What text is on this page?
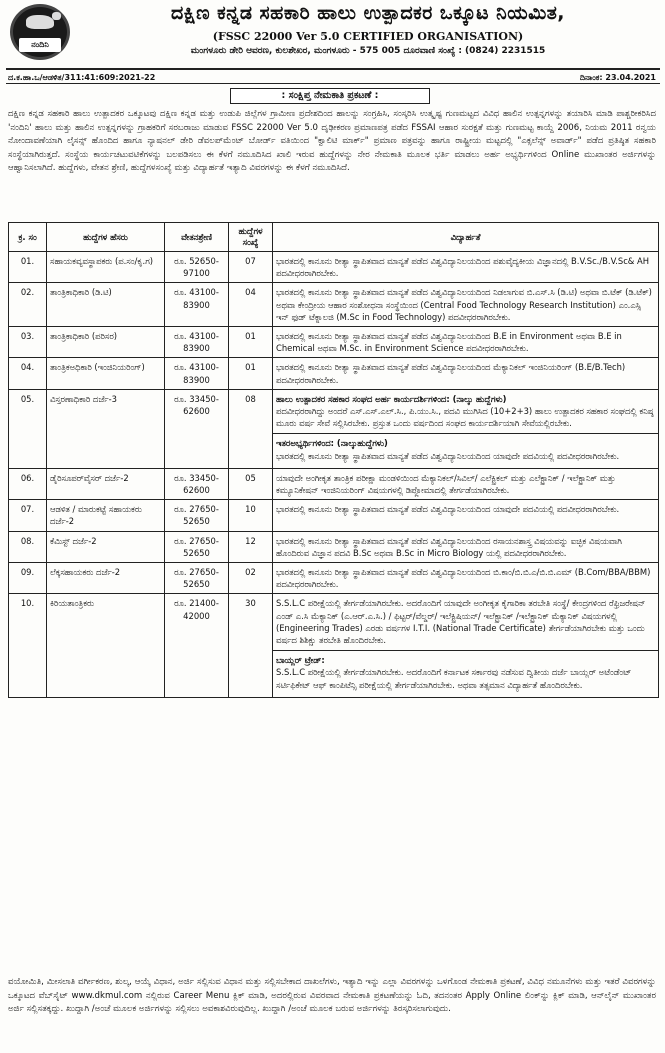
ನಂದಿನಿ
ದಕ್ಷಿಣ ಕನ್ನಡ ಸಹಕಾರಿ ಹಾಲು ಉತ್ಪಾದಕರ ಒಕ್ಕೂಟ ನಿಯಮಿತ,
(FSSC 22000 Ver 5.0 CERTIFIED ORGANISATION)
ಮಂಗಳೂರು ಡೇರಿ ಆವರಣ, ಕುಲಶೇಖರ, ಮಂಗಳೂರು - 575 005 ದೂರವಾಣಿ ಸಂಖ್ಯೆ : (0824) 2231515
ದ.ಕ.ಹಾ.ಒ/ಆಡಳಿತ/311:41:609:2021-22	ದಿನಾಂಕ: 23.04.2021
: ಸಂಕ್ಷಿಪ್ತ ನೇಮಕಾತಿ ಪ್ರಕಟಣೆ :
ದಕ್ಷಿಣ ಕನ್ನಡ ಸಹಕಾರಿ ಹಾಲು ಉತ್ಪಾದಕರ ಒಕ್ಕೂಟವು ದಕ್ಷಿಣ ಕನ್ನಡ ಮತ್ತು ಉಡುಪಿ ಜಿಲ್ಲೆಗಳ ಗ್ರಾಮೀಣ ಪ್ರದೇಶದಿಂದ ಹಾಲನ್ನು ಸಂಗ್ರಹಿಸಿ, ಸಂಸ್ಕರಿಸಿ ಉತ್ಕೃಷ್ಟ ಗುಣಮಟ್ಟದ ವಿವಿಧ ಹಾಲಿನ ಉತ್ಪನ್ನಗಳನ್ನು ತಯಾರಿಸಿ ಮಾಡಿ ಪಾಶ್ಚರೀಕರಿಸಿದ 'ನಂದಿನಿ' ಹಾಲು ಮತ್ತು ಹಾಲಿನ ಉತ್ಪನ್ನಗಳನ್ನು ಗ್ರಾಹಕರಿಗೆ ಸರಬರಾಜು ಮಾಡುವ FSSC 22000 Ver 5.0 ದೃಢೀಕರಣ ಪ್ರಮಾಣಪತ್ರ ಪಡೆದ FSSAI ಆಹಾರ ಸುರಕ್ಷತೆ ಮತ್ತು ಗುಣಮಟ್ಟ ಕಾಯ್ದೆ 2006, ನಿಯಮ 2011 ರನ್ವಯ ನೋಂದಾವಣೆಯಾಗಿ ಲೈಸನ್ಸ್ ಹೊಂದಿದ ಹಾಗೂ ನ್ಯಾಷನಲ್ ಡೇರಿ ಡೆವಲಪ್‌ಮೆಂಟ್ ಬೋರ್ಡ್ ವತಿಯಿಂದ "ಕ್ವಾಲಿಟಿ ಮಾರ್ಕ್" ಪ್ರಮಾಣ ಪತ್ರವನ್ನು ಹಾಗೂ ರಾಷ್ಟ್ರೀಯ ಮಟ್ಟದಲ್ಲಿ "ಎಕ್ಸಲೆನ್ಸ್ ಅವಾರ್ಡ್" ಪಡೆದ ಪ್ರತಿಷ್ಠಿತ ಸಹಕಾರಿ ಸಂಸ್ಥೆಯಾಗಿರುತ್ತದೆ. ಸಂಸ್ಥೆಯ ಕಾರ್ಯಚಟುವಟಿಕೆಗಳನ್ನು ಬಲಪಡಿಸಲು ಈ ಕೆಳಗೆ ನಮೂದಿಸಿದ ಖಾಲಿ ಇರುವ ಹುದ್ದೆಗಳನ್ನು ನೇರ ನೇಮಕಾತಿ ಮೂಲಕ ಭರ್ತಿ ಮಾಡಲು ಅರ್ಹ ಅಭ್ಯರ್ಥಿಗಳಿಂದ Online ಮುಖಾಂತರ ಅರ್ಜಿಗಳನ್ನು ಆಹ್ವಾನಿಸಲಾಗಿದೆ. ಹುದ್ದೆಗಳು, ವೇತನ ಶ್ರೇಣಿ, ಹುದ್ದೆಗಳಸಂಖ್ಯೆ ಮತ್ತು ವಿದ್ಯಾರ್ಹತೆ ಇತ್ಯಾದಿ ವಿವರಗಳನ್ನು ಈ ಕೆಳಗೆ ನಮೂದಿಸಿದೆ.
ಕ್ರ. ಸಂ	ಹುದ್ದೆಗಳ ಹೆಸರು	ವೇತನಶ್ರೇಣಿ	ಹುದ್ದೆಗಳ ಸಂಖ್ಯೆ	ವಿದ್ಯಾರ್ಹತೆ
01.	ಸಹಾಯಕವ್ಯವಸ್ಥಾಪಕರು (ಪ.ಸಂ/ಕೃ.ಗ)	ರೂ. 52650-97100	07	ಭಾರತದಲ್ಲಿ ಕಾನೂನು ರೀತ್ಯಾ ಸ್ಥಾಪಿತವಾದ ಮಾನ್ಯತೆ ಪಡೆದ ವಿಶ್ವವಿದ್ಯಾನಿಲಯದಿಂದ ಪಶುವೈದ್ಯಕೀಯ ವಿಜ್ಞಾನದಲ್ಲಿ B.V.Sc./B.V.Sc& AH ಪದವೀಧರರಾಗಿರಬೇಕು.
02.	ತಾಂತ್ರಿಕಾಧಿಕಾರಿ (ಡಿ.ಟಿ)	ರೂ. 43100-83900	04	ಭಾರತದಲ್ಲಿ ಕಾನೂನು ರೀತ್ಯಾ ಸ್ಥಾಪಿತವಾದ ಮಾನ್ಯತೆ ಪಡೆದ ವಿಶ್ವವಿದ್ಯಾನಿಲಯದಿಂದ ನಿಡಲಾಗುವ ಬಿ.ಎಸ್.ಸಿ (ಡಿ.ಟಿ) ಅಥವಾ ಬಿ.ಟೆಕ್ (ಡಿ.ಟೆಕ್) ಅಥವಾ ಕೇಂದ್ರೀಯ ಆಹಾರ ಸಂಶೋಧನಾ ಸಂಸ್ಥೆಯಿಂದ (Central Food Technology Research Institution) ಎಂ.ಎಸ್ಸಿ ಇನ್ ಫುಡ್ ಟೆಕ್ನಾಲಜಿ (M.Sc in Food Technology) ಪದವೀಧರರಾಗಿರಬೇಕು.
03.	ತಾಂತ್ರಿಕಾಧಿಕಾರಿ (ಪರಿಸರ)	ರೂ. 43100-83900	01	ಭಾರತದಲ್ಲಿ ಕಾನೂನು ರೀತ್ಯಾ ಸ್ಥಾಪಿತವಾದ ಮಾನ್ಯತೆ ಪಡೆದ ವಿಶ್ವವಿದ್ಯಾನಿಲಯದಿಂದ B.E in Environment ಅಥವಾ B.E in Chemical ಅಥವಾ M.Sc. in Environment Science ಪದವೀಧರರಾಗಿರಬೇಕು.
04.	ತಾಂತ್ರಿಕಅಧಿಕಾರಿ (ಇಂಜಿನಿಯರಿಂಗ್)	ರೂ. 43100-83900	01	ಭಾರತದಲ್ಲಿ ಕಾನೂನು ರೀತ್ಯಾ ಸ್ಥಾಪಿತವಾದ ಮಾನ್ಯತೆ ಪಡೆದ ವಿಶ್ವವಿದ್ಯಾನಿಲಯದಿಂದ ಮೆಕ್ಯಾನಿಕಲ್ ಇಂಜಿನಿಯರಿಂಗ್ (B.E/B.Tech) ಪದವೀಧರರಾಗಿರಬೇಕು.
05.	ವಿಸ್ತರಣಾಧಿಕಾರಿ ದರ್ಜೆ-3	ರೂ. 33450-62600	08	ಹಾಲು ಉತ್ಪಾದಕರ ಸಹಕಾರ ಸಂಘದ ಅರ್ಹ ಕಾರ್ಯದರ್ಶಿಗಳಿಂದ: (ನಾಲ್ಕು ಹುದ್ದೆಗಳು)
ಪದವೀಧರರಾಗಿದ್ದು ಅಂದರೆ ಎಸ್.ಎಸ್.ಎಲ್.ಸಿ., ಪಿ.ಯು.ಸಿ., ಪದವಿ ಮುಗಿಸಿದ (10+2+3) ಹಾಲು ಉತ್ಪಾದಕರ ಸಹಕಾರ ಸಂಘದಲ್ಲಿ ಕನಿಷ್ಠ ಮೂರು ವರ್ಷ ಸೇವೆ ಸಲ್ಲಿಸಿರಬೇಕು. ಪ್ರಸ್ತುತ ಒಂದು ವರ್ಷದಿಂದ ಸಂಘದ ಕಾರ್ಯದರ್ಶಿಯಾಗಿ ಸೇವೆಯಲ್ಲಿರಬೇಕು.
ಇತರಅಭ್ಯರ್ಥಿಗಳಿಂದ: (ನಾಲ್ಕುಹುದ್ದೆಗಳು)
ಭಾರತದಲ್ಲಿ ಕಾನೂನು ರೀತ್ಯಾ ಸ್ಥಾಪಿತವಾದ ಮಾನ್ಯತೆ ಪಡೆದ ವಿಶ್ವವಿದ್ಯಾನಿಲಯದಿಂದ ಯಾವುದೇ ಪದವಿಯಲ್ಲಿ ಪದವೀಧರರಾಗಿರಬೇಕು.

06.	ಡೈರಿಸೂಪರ್‌ವೈಸರ್ ದರ್ಜೆ-2	ರೂ. 33450-62600	05	ಯಾವುದೇ ಅಂಗೀಕೃತ ತಾಂತ್ರಿಕ ಪರೀಕ್ಷಾ ಮಂಡಳಿಯಿಂದ ಮೆಕ್ಯಾನಿಕಲ್/ಸಿವಿಲ್/ ಎಲೆಕ್ಟ್ರಿಕಲ್ ಮತ್ತು ಎಲೆಕ್ಟ್ರಾನಿಕ್ / ಇಲೆಕ್ಟ್ರಾನಿಕ್ ಮತ್ತು ಕಮ್ಯೂನಿಕೇಷನ್ ಇಂಜಿನಿಯರಿಂಗ್ ವಿಷಯಗಳಲ್ಲಿ ಡಿಪ್ಲೋಮಾದಲ್ಲಿ ತೇರ್ಗಡೆಯಾಗಿರಬೇಕು.
07.	ಆಡಳಿತ / ಮಾರುಕಟ್ಟೆ ಸಹಾಯಕರು ದರ್ಜೆ-2	ರೂ. 27650-52650	10	ಭಾರತದಲ್ಲಿ ಕಾನೂನು ರೀತ್ಯಾ ಸ್ಥಾಪಿತವಾದ ಮಾನ್ಯತೆ ಪಡೆದ ವಿಶ್ವವಿದ್ಯಾನಿಲಯದಿಂದ ಯಾವುದೇ ಪದವಿಯಲ್ಲಿ ಪದವೀಧರರಾಗಿರಬೇಕು.
08.	ಕೆಮಿಸ್ಟ್ ದರ್ಜೆ-2	ರೂ. 27650-52650	12	ಭಾರತದಲ್ಲಿ ಕಾನೂನು ರೀತ್ಯಾ ಸ್ಥಾಪಿತವಾದ ಮಾನ್ಯತೆ ಪಡೆದ ವಿಶ್ವವಿದ್ಯಾನಿಲಯದಿಂದ ರಸಾಯನಶಾಸ್ತ್ರ ವಿಷಯವನ್ನು ಐಚ್ಛಿಕ ವಿಷಯವಾಗಿ ಹೊಂದಿರುವ ವಿಜ್ಞಾನ ಪದವಿ B.Sc ಅಥವಾ B.Sc in Micro Biology ಯಲ್ಲಿ ಪದವೀಧರರಾಗಿರಬೇಕು.
09.	ಲೆಕ್ಕಸಹಾಯಕರು ದರ್ಜೆ-2	ರೂ. 27650-52650	02	ಭಾರತದಲ್ಲಿ ಕಾನೂನು ರೀತ್ಯಾ ಸ್ಥಾಪಿತವಾದ ಮಾನ್ಯತೆ ಪಡೆದ ವಿಶ್ವವಿದ್ಯಾನಿಲಯದಿಂದ ಬಿ.ಕಾಂ/ಬಿ.ಬಿ.ಎ/ಬಿ.ಬಿ.ಎಮ್ (B.Com/BBA/BBM) ಪದವೀಧರರಾಗಿರಬೇಕು.
10.	ಕಿರಿಯತಾಂತ್ರಿಕರು	ರೂ. 21400-42000	30	S.S.L.C ಪರೀಕ್ಷೆಯಲ್ಲಿ ತೇರ್ಗಡೆಯಾಗಿರಬೇಕು. ಅದರೊಂದಿಗೆ ಯಾವುದೇ ಅಂಗೀಕೃತ ಕೈಗಾರಿಕಾ ತರಬೇತಿ ಸಂಸ್ಥೆ/ ಕೇಂದ್ರಗಳಿಂದ ರೆಫ್ರಿಜರೇಷನ್ ಎಂಡ್ ಎ.ಸಿ ಮೆಕ್ಯಾನಿಕ್ (ಎ.ಆರ್.ಎ.ಸಿ.) / ಫಿಟ್ಟರ್/ವೆಲ್ಡರ್/ ಇಲೆಕ್ಟ್ರಿಷಿಯನ್/ ಇಲೆಕ್ಟ್ರಾನಿಕ್ /ಇಲೆಕ್ಟ್ರಾನಿಕ್ ಮೆಕ್ಯಾನಿಕ್ ವಿಷಯಗಳಲ್ಲಿ (Engineering Trades) ಎರಡು ವರ್ಷಗಳ I.T.I. (National Trade Certificate) ತೇರ್ಗಡೆಯಾಗಿರಬೇಕು ಮತ್ತು ಒಂದು ವರ್ಷದ ಶಿಶಿಕ್ಷು ತರಬೇತಿ ಹೊಂದಿರಬೇಕು.
ಬಾಯ್ಲರ್ ಟ್ರೇಡ್:
S.S.L.C ಪರೀಕ್ಷೆಯಲ್ಲಿ ತೇರ್ಗಡೆಯಾಗಿರಬೇಕು. ಅದರೊಂದಿಗೆ ಕರ್ನಾಟಕ ಸರ್ಕಾರವು ನಡೆಸುವ ದ್ವಿತೀಯ ದರ್ಜೆ ಬಾಯ್ಲರ್ ಅಟೆಂಡೆಂಟ್ ಸರ್ಟಿಫಿಕೇಟ್ ಆಫ್ ಕಾಂಪಿಟೆನ್ಸಿ ಪರೀಕ್ಷೆಯಲ್ಲಿ ತೇರ್ಗಡೆಯಾಗಿರಬೇಕು. ಅಥವಾ ತತ್ಸಮಾನ ವಿದ್ಯಾರ್ಹತೆ ಹೊಂದಿರಬೇಕು.
ವಯೋಮಿತಿ, ಮೀಸಲಾತಿ ವರ್ಗೀಕರಣ, ಶುಲ್ಕ, ಆಯ್ಕೆ ವಿಧಾನ, ಅರ್ಜಿ ಸಲ್ಲಿಸುವ ವಿಧಾನ ಮತ್ತು ಸಲ್ಲಿಸಬೇಕಾದ ದಾಖಲೆಗಳು, ಇತ್ಯಾದಿ ಇನ್ನು ಎಲ್ಲಾ ವಿವರಗಳನ್ನು ಒಳಗೊಂಡ ನೇಮಕಾತಿ ಪ್ರಕಟಣೆ, ವಿವಿಧ ನಮೂನೆಗಳು ಮತ್ತು ಇತರೆ ವಿವರಗಳನ್ನು ಒಕ್ಕೂಟದ ವೆಬ್‌ಸೈಟ್ www.dkmul.com ನಲ್ಲಿರುವ Career Menu ಕ್ಲಿಕ್ ಮಾಡಿ, ಅದರಲ್ಲಿರುವ ವಿವರವಾದ ನೇಮಕಾತಿ ಪ್ರಕಟಣೆಯನ್ನು ಓದಿ, ತದನಂತರ Apply Online ಲಿಂಕ್‌ನ್ನು ಕ್ಲಿಕ್ ಮಾಡಿ, ಆನ್‌ಲೈನ್ ಮುಖಾಂತರ ಅರ್ಜಿ ಸಲ್ಲಿಸತಕ್ಕದ್ದು. ಖುದ್ದಾಗಿ /ಅಂಚೆ ಮೂಲಕ ಅರ್ಜಿಗಳನ್ನು ಸಲ್ಲಿಸಲು ಅವಕಾಶವಿರುವುದಿಲ್ಲ. ಖುದ್ದಾಗಿ /ಅಂಚೆ ಮೂಲಕ ಬರುವ ಅರ್ಜಿಗಳನ್ನು ತಿರಸ್ಕರಿಸಲಾಗುವುದು.
